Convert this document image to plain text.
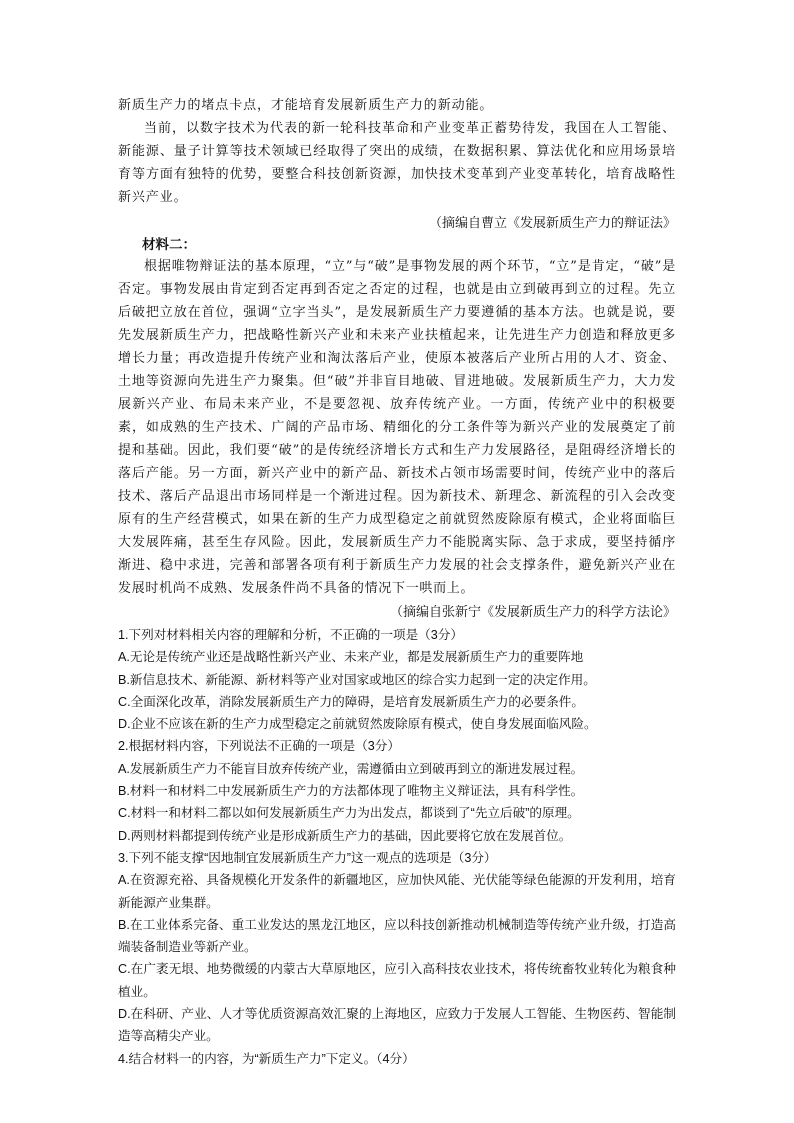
新质生产力的堵点卡点，才能培育发展新质生产力的新动能。

当前，以数字技术为代表的新一轮科技革命和产业变革正蓄势待发，我国在人工智能、新能源、量子计算等技术领域已经取得了突出的成绩，在数据积累、算法优化和应用场景培育等方面有独特的优势，要整合科技创新资源，加快技术变革到产业变革转化，培育战略性新兴产业。

（摘编自曹立《发展新质生产力的辩证法》

材料二：

根据唯物辩证法的基本原理，“立”与“破”是事物发展的两个环节，“立”是肯定，“破”是否定。事物发展由肯定到否定再到否定之否定的过程，也就是由立到破再到立的过程。先立后破把立放在首位，强调“立字当头”，是发展新质生产力要遵循的基本方法。也就是说，要先发展新质生产力，把战略性新兴产业和未来产业扶植起来，让先进生产力创造和释放更多增长力量；再改造提升传统产业和淘汰落后产业，使原本被落后产业所占用的人才、资金、土地等资源向先进生产力聚集。但“破”并非盲目地破、冒进地破。发展新质生产力，大力发展新兴产业、布局未来产业，不是要忽视、放弃传统产业。一方面，传统产业中的积极要素，如成熟的生产技术、广阔的产品市场、精细化的分工条件等为新兴产业的发展奠定了前提和基础。因此，我们要“破”的是传统经济增长方式和生产力发展路径，是阻碍经济增长的落后产能。另一方面，新兴产业中的新产品、新技术占领市场需要时间，传统产业中的落后技术、落后产品退出市场同样是一个渐进过程。因为新技术、新理念、新流程的引入会改变原有的生产经营模式，如果在新的生产力成型稳定之前就贸然废除原有模式，企业将面临巨大发展阵痛，甚至生存风险。因此，发展新质生产力不能脱离实际、急于求成，要坚持循序渐进、稳中求进，完善和部署各项有利于新质生产力发展的社会支撑条件，避免新兴产业在发展时机尚不成熟、发展条件尚不具备的情况下一哄而上。

（摘编自张新宁《发展新质生产力的科学方法论》

1.下列对材料相关内容的理解和分析，不正确的一项是（3分）

A.无论是传统产业还是战略性新兴产业、未来产业，都是发展新质生产力的重要阵地

B.新信息技术、新能源、新材料等产业对国家或地区的综合实力起到一定的决定作用。

C.全面深化改革，消除发展新质生产力的障碍，是培育发展新质生产力的必要条件。

D.企业不应该在新的生产力成型稳定之前就贸然废除原有模式，使自身发展面临风险。

2.根据材料内容，下列说法不正确的一项是（3分）

A.发展新质生产力不能盲目放弃传统产业，需遵循由立到破再到立的渐进发展过程。

B.材料一和材料二中发展新质生产力的方法都体现了唯物主义辩证法，具有科学性。

C.材料一和材料二都以如何发展新质生产力为出发点，都谈到了“先立后破”的原理。

D.两则材料都提到传统产业是形成新质生产力的基础，因此要将它放在发展首位。

3.下列不能支撑“因地制宜发展新质生产力”这一观点的选项是（3分）

A.在资源充裕、具备规模化开发条件的新疆地区，应加快风能、光伏能等绿色能源的开发利用，培育新能源产业集群。

B.在工业体系完备、重工业发达的黑龙江地区，应以科技创新推动机械制造等传统产业升级，打造高端装备制造业等新产业。

C.在广袤无垠、地势微缓的内蒙古大草原地区，应引入高科技农业技术，将传统畜牧业转化为粮食种植业。

D.在科研、产业、人才等优质资源高效汇聚的上海地区，应致力于发展人工智能、生物医药、智能制造等高精尖产业。

4.结合材料一的内容，为“新质生产力”下定义。（4分）
